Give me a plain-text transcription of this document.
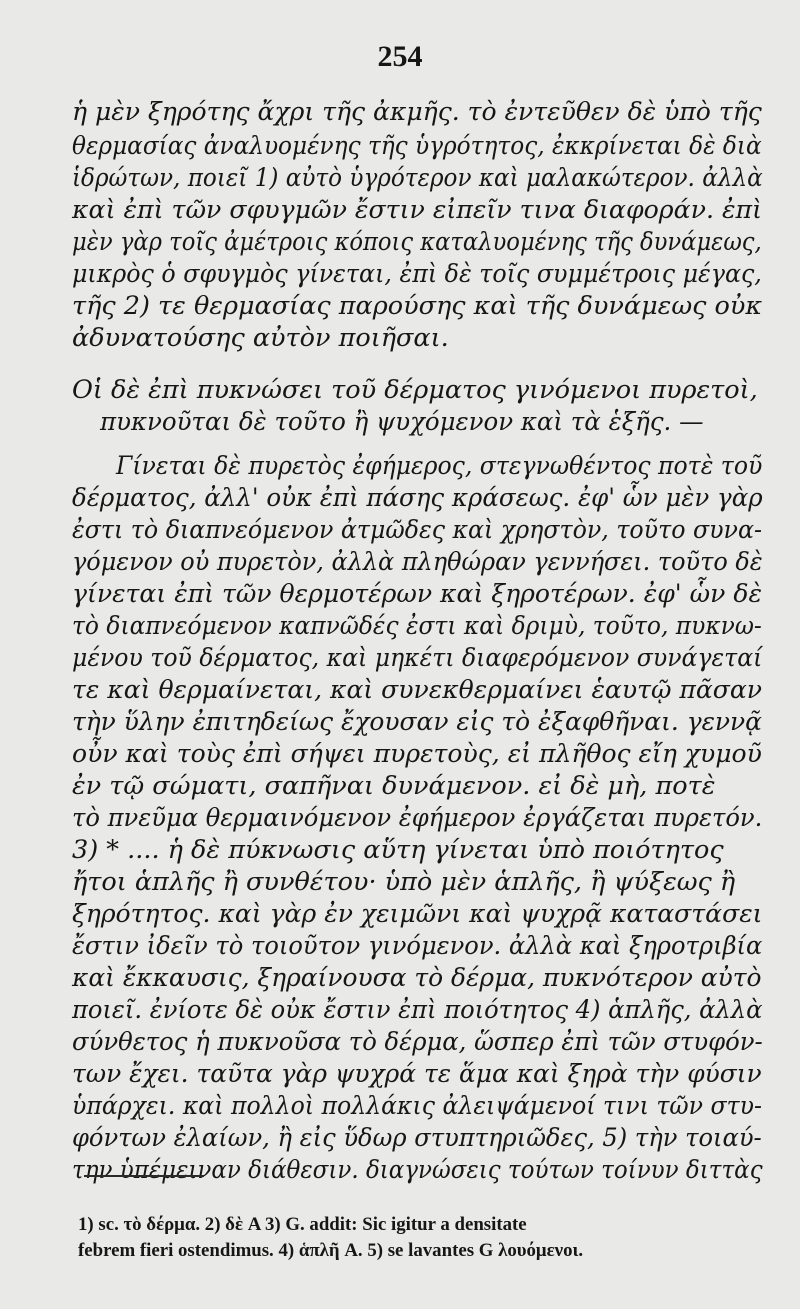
254
ἡ μὲν ξηρότης ἄχρι τῆς ἀκμῆς. τὸ ἐντεῦθεν δὲ ὑπὸ τῆς
θερμασίας ἀναλυομένης τῆς ὑγρότητος, ἐκκρίνεται δὲ διὰ
ἱδρώτων, ποιεῖ 1) αὐτὸ ὑγρότερον καὶ μαλακώτερον. ἀλλὰ
καὶ ἐπὶ τῶν σφυγμῶν ἔστιν εἰπεῖν τινα διαφοράν. ἐπὶ
μὲν γὰρ τοῖς ἀμέτροις κόποις καταλυομένης τῆς δυνάμεως,
μικρὸς ὁ σφυγμὸς γίνεται, ἐπὶ δὲ τοῖς συμμέτροις μέγας,
τῆς 2) τε θερμασίας παρούσης καὶ τῆς δυνάμεως οὐκ
ἀδυνατούσης αὐτὸν ποιῆσαι.
Οἱ δὲ ἐπὶ πυκνώσει τοῦ δέρματος γινόμενοι πυρετοὶ,
πυκνοῦται δὲ τοῦτο ἢ ψυχόμενον καὶ τὰ ἑξῆς. —
Γίνεται δὲ πυρετὸς ἐφήμερος, στεγνωθέντος ποτὲ τοῦ
δέρματος, ἀλλ' οὐκ ἐπὶ πάσης κράσεως. ἐφ' ὧν μὲν γὰρ
ἐστι τὸ διαπνεόμενον ἀτμῶδες καὶ χρηστὸν, τοῦτο συνα-
γόμενον οὐ πυρετὸν, ἀλλὰ πληθώραν γεννήσει. τοῦτο δὲ
γίνεται ἐπὶ τῶν θερμοτέρων καὶ ξηροτέρων. ἐφ' ὧν δὲ
τὸ διαπνεόμενον καπνῶδές ἐστι καὶ δριμὺ, τοῦτο, πυκνω-
μένου τοῦ δέρματος, καὶ μηκέτι διαφερόμενον συνάγεταί
τε καὶ θερμαίνεται, καὶ συνεκθερμαίνει ἑαυτῷ πᾶσαν
τὴν ὕλην ἐπιτηδείως ἔχουσαν εἰς τὸ ἐξαφθῆναι. γεννᾷ
οὖν καὶ τοὺς ἐπὶ σήψει πυρετοὺς, εἰ πλῆθος εἴη χυμοῦ
ἐν τῷ σώματι, σαπῆναι δυνάμενον. εἰ δὲ μὴ, ποτὲ
τὸ πνεῦμα θερμαινόμενον ἐφήμερον ἐργάζεται πυρετόν.
3) * .... ἡ δὲ πύκνωσις αὕτη γίνεται ὑπὸ ποιότητος
ἤτοι ἁπλῆς ἢ συνθέτου· ὑπὸ μὲν ἁπλῆς, ἢ ψύξεως ἢ
ξηρότητος. καὶ γὰρ ἐν χειμῶνι καὶ ψυχρᾷ καταστάσει
ἔστιν ἰδεῖν τὸ τοιοῦτον γινόμενον. ἀλλὰ καὶ ξηροτριβία
καὶ ἔκκαυσις, ξηραίνουσα τὸ δέρμα, πυκνότερον αὐτὸ
ποιεῖ. ἐνίοτε δὲ οὐκ ἔστιν ἐπὶ ποιότητος 4) ἁπλῆς, ἀλλὰ
σύνθετος ἡ πυκνοῦσα τὸ δέρμα, ὥσπερ ἐπὶ τῶν στυφόν-
των ἔχει. ταῦτα γὰρ ψυχρά τε ἅμα καὶ ξηρὰ τὴν φύσιν
ὑπάρχει. καὶ πολλοὶ πολλάκις ἀλειψάμενοί τινι τῶν στυ-
φόντων ἐλαίων, ἢ εἰς ὕδωρ στυπτηριῶδες, 5) τὴν τοιαύ-
την ὑπέμειναν διάθεσιν. διαγνώσεις τούτων τοίνυν διττὰς
1) sc. τὸ δέρμα. 2) δὲ A 3) G. addit: Sic igitur a densitate
febrem fieri ostendimus. 4) ἁπλῆ A. 5) se lavantes G λουόμενοι.
